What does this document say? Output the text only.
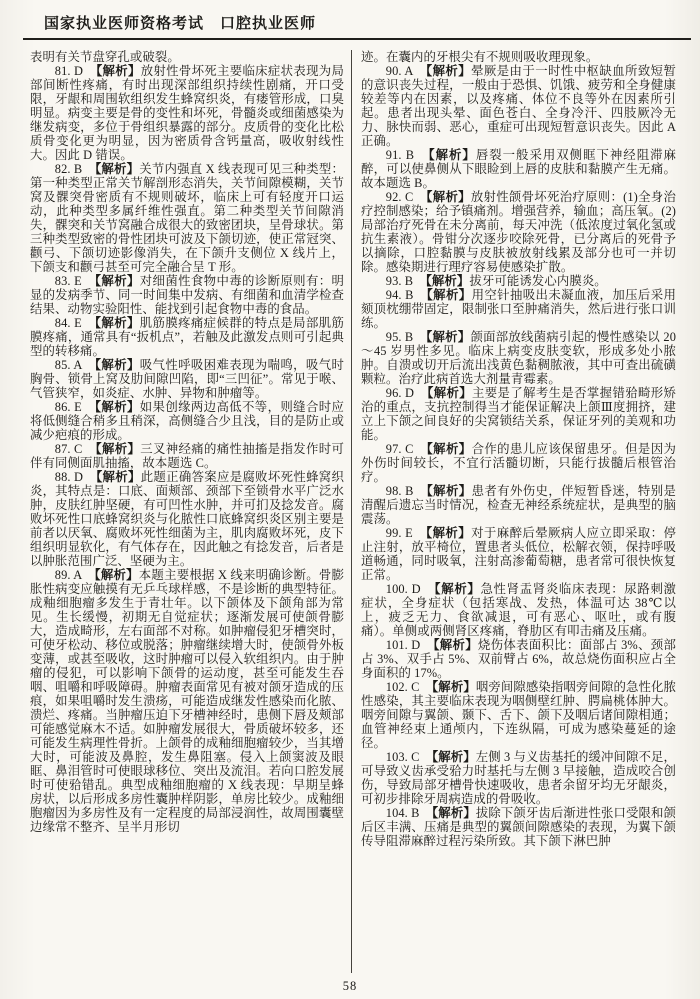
国家执业医师资格考试　口腔执业医师

表明有关节盘穿孔或破裂。

81. D　【解析】放射性骨坏死主要临床症状表现为局部间断性疼痛，有时出现深部组织持续性剧痛，开口受限，牙龈和周围软组织发生蜂窝织炎，有瘘管形成，口臭明显。病变主要是骨的变性和坏死，骨髓炎或细菌感染为继发病变，多位于骨组织暴露的部分。皮质骨的变化比松质骨变化更为明显，因为密质骨含钙量高，吸收射线性大。因此 D 错误。

82. B　【解析】关节内强直 X 线表现可见三种类型：第一种类型正常关节解剖形态消失，关节间隙模糊，关节窝及髁突骨密质有不规则破坏，临床上可有轻度开口运动，此种类型多属纤维性强直。第二种类型关节间隙消失，髁突和关节窝融合成很大的致密团块，呈骨球状。第三种类型致密的骨性团块可波及下颌切迹，使正常冠突、颧弓、下颌切迹影像消失，在下颌升支侧位 X 线片上，下颌支和颧弓甚至可完全融合呈 T 形。

83. E　【解析】对细菌性食物中毒的诊断原则有：明显的发病季节、同一时间集中发病、有细菌和血清学检查结果、动物实验阳性、能找到引起食物中毒的食品。

84. E　【解析】肌筋膜疼痛症候群的特点是局部肌筋膜疼痛，通常具有“扳机点”，若触及此激发点则可引起典型的转移痛。

85. A　【解析】吸气性呼吸困难表现为喘鸣，吸气时胸骨、锁骨上窝及肋间隙凹陷，即“三凹征”。常见于喉、气管狭窄，如炎症、水肿、异物和肿瘤等。

86. E　【解析】如果创缘两边高低不等，则缝合时应将低侧缝合稍多且稍深，高侧缝合少且浅，目的是防止或减少疤痕的形成。

87. C　【解析】三叉神经痛的痛性抽搐是指发作时可伴有同侧面肌抽搐，故本题选 C。

88. D　【解析】此题正确答案应是腐败坏死性蜂窝织炎，其特点是：口底、面颊部、颈部下至锁骨水平广泛水肿，皮肤红肿坚硬，有可凹性水肿，并可扪及捻发音。腐败坏死性口底蜂窝织炎与化脓性口底蜂窝织炎区别主要是前者以厌氧、腐败坏死性细菌为主，肌肉腐败坏死，皮下组织明显软化，有气体存在，因此触之有捻发音，后者是以肿胀范围广泛、坚硬为主。

89. A　【解析】本题主要根据 X 线来明确诊断。骨膨胀性病变应触摸有无乒乓球样感，不是诊断的典型特征。成釉细胞瘤多发生于青壮年。以下颌体及下颌角部为常见。生长缓慢，初期无自觉症状；逐渐发展可使颌骨膨大，造成畸形，左右面部不对称。如肿瘤侵犯牙槽突时，可使牙松动、移位或脱落；肿瘤继续增大时，使颌骨外板变薄，或甚至吸收，这时肿瘤可以侵入软组织内。由于肿瘤的侵犯，可以影响下颌骨的运动度，甚至可能发生吞咽、咀嚼和呼吸障碍。肿瘤表面常见有被对颌牙造成的压痕，如果咀嚼时发生溃疡，可能造成继发性感染而化脓、溃烂、疼痛。当肿瘤压迫下牙槽神经时，患侧下唇及颊部可能感觉麻木不适。如肿瘤发展很大，骨质破坏较多，还可能发生病理性骨折。上颌骨的成釉细胞瘤较少，当其增大时，可能波及鼻腔，发生鼻阻塞。侵入上颌窦波及眼眶、鼻泪管时可使眼球移位、突出及流泪。若向口腔发展时可使𬌗错乱。典型成釉细胞瘤的 X 线表现：早期呈蜂房状，以后形成多房性囊肿样阴影，单房比较少。成釉细胞瘤因为多房性及有一定程度的局部浸润性，故周围囊壁边缘常不整齐、呈半月形切

迹。在囊内的牙根尖有不规则吸收理现象。

90. A　【解析】晕厥是由于一时性中枢缺血所致短暂的意识丧失过程，一般由于恐惧、饥饿、疲劳和全身健康较差等内在因素，以及疼痛、体位不良等外在因素所引起。患者出现头晕、面色苍白、全身冷汗、四肢厥冷无力、脉快而弱、恶心，重症可出现短暂意识丧失。因此 A 正确。

91. B　【解析】唇裂一般采用双侧眶下神经阻滞麻醉，可以使鼻侧从下眼睑到上唇的皮肤和黏膜产生无痛。故本题选 B。

92. C　【解析】放射性颌骨坏死治疗原则：(1)全身治疗控制感染；给予镇痛剂。增强营养，输血；高压氧。(2)局部治疗死骨在未分离前，每天冲洗（低浓度过氧化氢或抗生素液）。骨钳分次逐步咬除死骨，已分离后的死骨予以摘除，口腔黏膜与皮肤被放射线累及部分也可一并切除。感染期进行理疗容易使感染扩散。

93. B　【解析】拔牙可能诱发心内膜炎。

94. B　【解析】用空针抽吸出未凝血液，加压后采用颏顶枕绷带固定，限制张口至肿痛消失，然后进行张口训练。

95. B　【解析】颌面部放线菌病引起的慢性感染以 20～45 岁男性多见。临床上病变皮肤变软，形成多处小脓肿。自溃或切开后流出浅黄色黏稠脓液，其中可查出硫磺颗粒。治疗此病首选大剂量青霉素。

96. D　【解析】主要是了解考生是否掌握错𬌗畸形矫治的重点，支抗控制得当才能保证解决上颌Ⅲ度拥挤，建立上下颌之间良好的尖窝锁结关系，保证牙列的美观和功能。

97. C　【解析】合作的患儿应该保留患牙。但是因为外伤时间较长，不宜行活髓切断，只能行拔髓后根管治疗。

98. B　【解析】患者有外伤史，伴短暂昏迷，特别是清醒后遗忘当时情况，检查无神经系统症状，是典型的脑震荡。

99. E　【解析】对于麻醉后晕厥病人应立即采取：停止注射，放平椅位，置患者头低位，松解衣领，保持呼吸道畅通，同时吸氧，注射高渗葡萄糖，患者常可很快恢复正常。

100. D　【解析】急性肾盂肾炎临床表现：尿路刺激症状，全身症状（包括寒战、发热，体温可达 38℃以上，疲乏无力、食欲减退，可有恶心、呕吐，或有腹痛）。单侧或两侧肾区疼痛，脊肋区有叩击痛及压痛。

101. D　【解析】烧伤体表面积比：面部占 3%、颈部占 3%、双手占 5%、双前臂占 6%，故总烧伤面积应占全身面积的 17%。

102. C　【解析】咽旁间隙感染指咽旁间隙的急性化脓性感染，其主要临床表现为咽侧壁红肿、腭扁桃体肿大。咽旁间隙与翼颌、颞下、舌下、颌下及咽后诸间隙相通；血管神经束上通颅内，下连纵隔，可成为感染蔓延的途径。

103. C　【解析】左侧 3 与义齿基托的缓冲间隙不足，可导致义齿承受𬌗力时基托与左侧 3 早接触，造成咬合创伤，导致局部牙槽骨快速吸收，患者余留牙均无牙龈炎，可初步排除牙周病造成的骨吸收。

104. B　【解析】拔除下颌牙齿后渐进性张口受限和颌后区丰满、压痛是典型的翼颌间隙感染的表现，为翼下颌传导阻滞麻醉过程污染所致。其下颌下淋巴肿

58
